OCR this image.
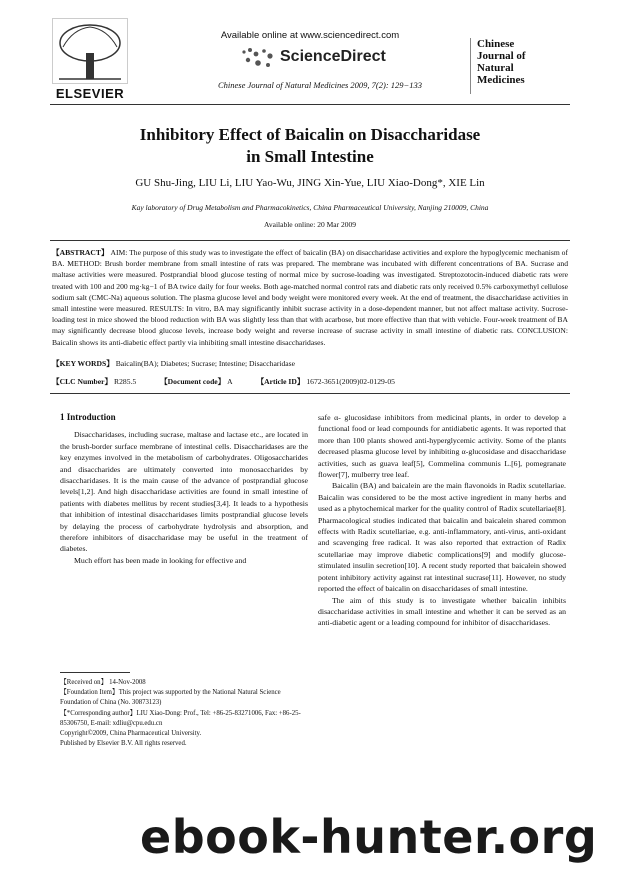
ELSEVIER
Available online at www.sciencedirect.com
ScienceDirect
Chinese Journal of Natural Medicines 2009, 7(2): 129−133
Chinese
Journal of
Natural
Medicines
Inhibitory Effect of Baicalin on Disaccharidase
in Small Intestine
GU Shu-Jing, LIU Li, LIU Yao-Wu, JING Xin-Yue, LIU Xiao-Dong*, XIE Lin
Kay laboratory of Drug Metabolism and Pharmacokinetics, China Pharmaceutical University, Nanjing 210009, China
Available online: 20 Mar 2009
【ABSTRACT】 AIM: The purpose of this study was to investigate the effect of baicalin (BA) on disaccharidase activities and explore the hypoglycemic mechanism of BA. METHOD: Brush border membrane from small intestine of rats was prepared. The membrane was incubated with different concentrations of BA. Sucrase and maltase activities were measured. Postprandial blood glucose testing of normal mice by sucrose-loading was investigated. Streptozotocin-induced diabetic rats were treated with 100 and 200 mg·kg−1 of BA twice daily for four weeks. Both age-matched normal control rats and diabetic rats only received 0.5% carboxymethyl cellulose sodium salt (CMC-Na) aqueous solution. The plasma glucose level and body weight were monitored every week. At the end of treatment, the disaccharidase activities in small intestine were measured. RESULTS: In vitro, BA may significantly inhibit sucrase activity in a dose-dependent manner, but not affect maltase activity. Sucrose-loading test in mice showed the blood reduction with BA was slightly less than that with acarbose, but more effective than that with vehicle. Four-week treatment of BA may significantly decrease blood glucose levels, increase body weight and reverse increase of sucrase activity in small intestine of diabetic rats. CONCLUSION: Baicalin shows its anti-diabetic effect partly via inhibiting small intestine disaccharidases.
【KEY WORDS】 Baicalin(BA); Diabetes; Sucrase; Intestine; Disaccharidase
【CLC Number】 R285.5	【Document code】 A	【Article ID】 1672-3651(2009)02-0129-05
1 Introduction

Disaccharidases, including sucrase, maltase and lactase etc., are located in the brush-border surface membrane of intestinal cells. Disaccharidases are the key enzymes involved in the metabolism of carbohydrates. Oligosaccharides and disaccharides are ultimately converted into monosaccharides by disaccharidases. It is the main cause of the advance of postprandial glucose levels[1,2]. And high disaccharidase activities are found in small intestine of patients with diabetes mellitus by recent studies[3,4]. It leads to a hypothesis that inhibition of intestinal disaccharidases limits postprandial glucose levels by delaying the process of carbohydrate hydrolysis and absorption, and therefore inhibitors of disaccharidase may be useful in the treatment of diabetes.

Much effort has been made in looking for effective and

【Received on】 14-Nov-2008
【Foundation Item】This project was supported by the National Natural Science Foundation of China (No. 30873123)
【*Corresponding author】LIU Xiao-Dong: Prof., Tel: +86-25-83271006, Fax: +86-25-85306750, E-mail: xdliu@cpu.edu.cn
Copyright©2009, China Pharmaceutical University.
Published by Elsevier B.V. All rights reserved.

safe α- glucosidase inhibitors from medicinal plants, in order to develop a functional food or lead compounds for antidiabetic agents. It was reported that more than 100 plants showed anti-hyperglycemic activity. Some of the plants decreased plasma glucose level by inhibiting α-glucosidase and disaccharidase activities, such as guava leaf[5], Commelina communis L.[6], pomegranate flower[7], mulberry tree leaf.

Baicalin (BA) and baicalein are the main flavonoids in Radix scutellariae. Baicalin was considered to be the most active ingredient in many herbs and used as a phytochemical marker for the quality control of Radix scutellariae[8]. Pharmacological studies indicated that baicalin and baicalein shared common effects with Radix scutellariae, e.g. anti-inflammatory, anti-virus, anti-oxidant and scavenging free radical. It was also reported that extraction of Radix scutellariae may improve diabetic complications[9] and modify glucose-stimulated insulin secretion[10]. A recent study reported that baicalein showed potent inhibitory activity against rat intestinal sucrase[11]. However, no study reported the effect of baicalin on disaccharidases of small intestine.

The aim of this study is to investigate whether baicalin inhibits disaccharidase activities in small intestine and whether it can be served as an anti-diabetic agent or a leading compound for inhibitor of disaccharidases.

ebook-hunter.org
